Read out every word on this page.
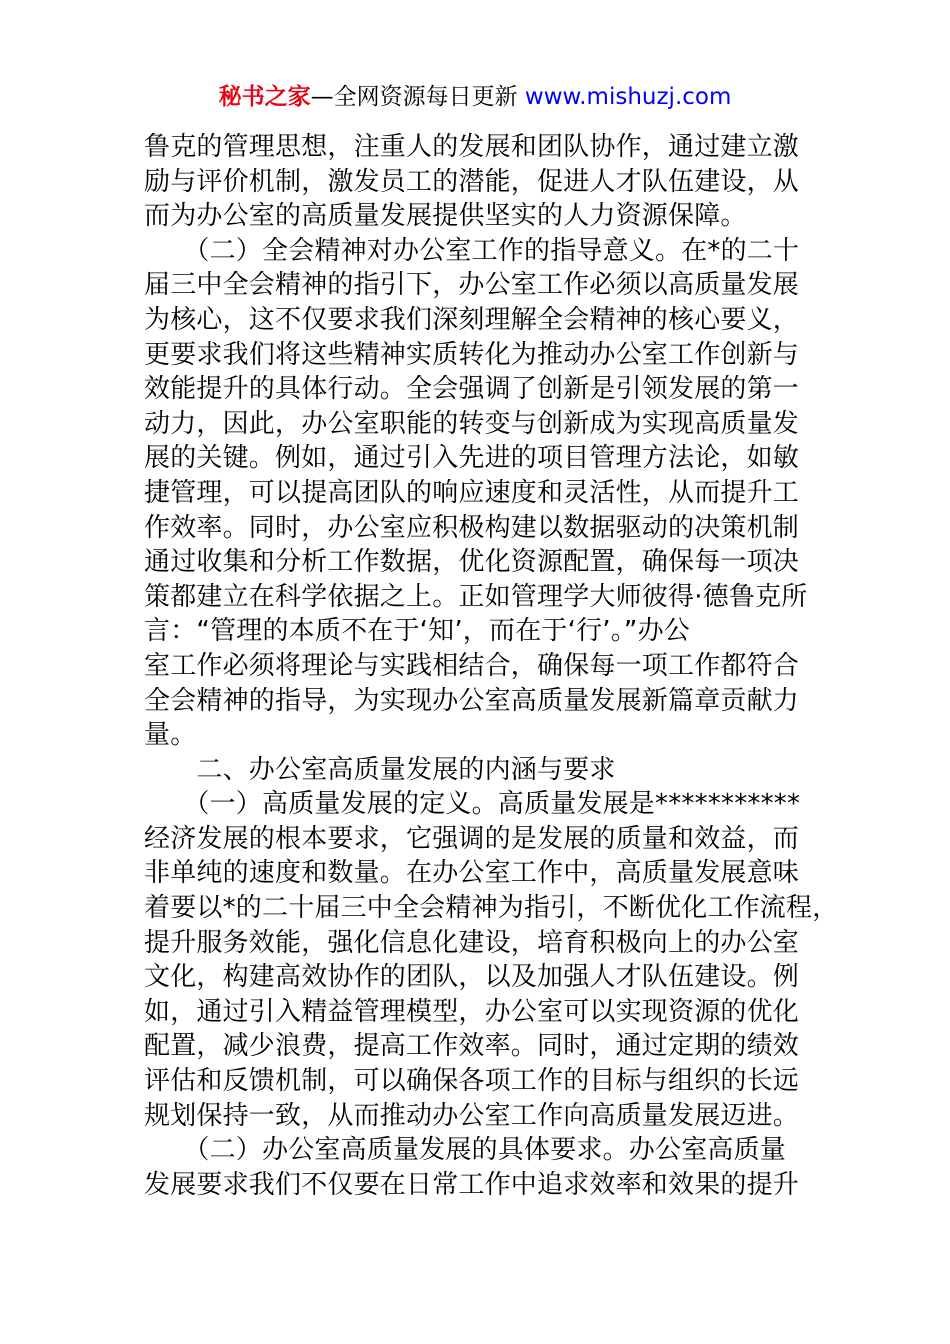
秘书之家—全网资源每日更新 www.mishuzj.com

鲁克的管理思想，注重人的发展和团队协作，通过建立激

励与评价机制，激发员工的潜能，促进人才队伍建设，从

而为办公室的高质量发展提供坚实的人力资源保障。

　　（二）全会精神对办公室工作的指导意义。在*的二十

届三中全会精神的指引下，办公室工作必须以高质量发展

为核心，这不仅要求我们深刻理解全会精神的核心要义，

更要求我们将这些精神实质转化为推动办公室工作创新与

效能提升的具体行动。全会强调了创新是引领发展的第一

动力，因此，办公室职能的转变与创新成为实现高质量发

展的关键。例如，通过引入先进的项目管理方法论，如敏

捷管理，可以提高团队的响应速度和灵活性，从而提升工

作效率。同时，办公室应积极构建以数据驱动的决策机制

通过收集和分析工作数据，优化资源配置，确保每一项决

策都建立在科学依据之上。正如管理学大师彼得·德鲁克所

言：“管理的本质不在于‘知’，而在于‘行’。”办公

室工作必须将理论与实践相结合，确保每一项工作都符合

全会精神的指导，为实现办公室高质量发展新篇章贡献力

量。

　　二、办公室高质量发展的内涵与要求

　　（一）高质量发展的定义。高质量发展是***********

经济发展的根本要求，它强调的是发展的质量和效益，而

非单纯的速度和数量。在办公室工作中，高质量发展意味

着要以*的二十届三中全会精神为指引，不断优化工作流程，

提升服务效能，强化信息化建设，培育积极向上的办公室

文化，构建高效协作的团队，以及加强人才队伍建设。例

如，通过引入精益管理模型，办公室可以实现资源的优化

配置，减少浪费，提高工作效率。同时，通过定期的绩效

评估和反馈机制，可以确保各项工作的目标与组织的长远

规划保持一致，从而推动办公室工作向高质量发展迈进。

　　（二）办公室高质量发展的具体要求。办公室高质量

发展要求我们不仅要在日常工作中追求效率和效果的提升
